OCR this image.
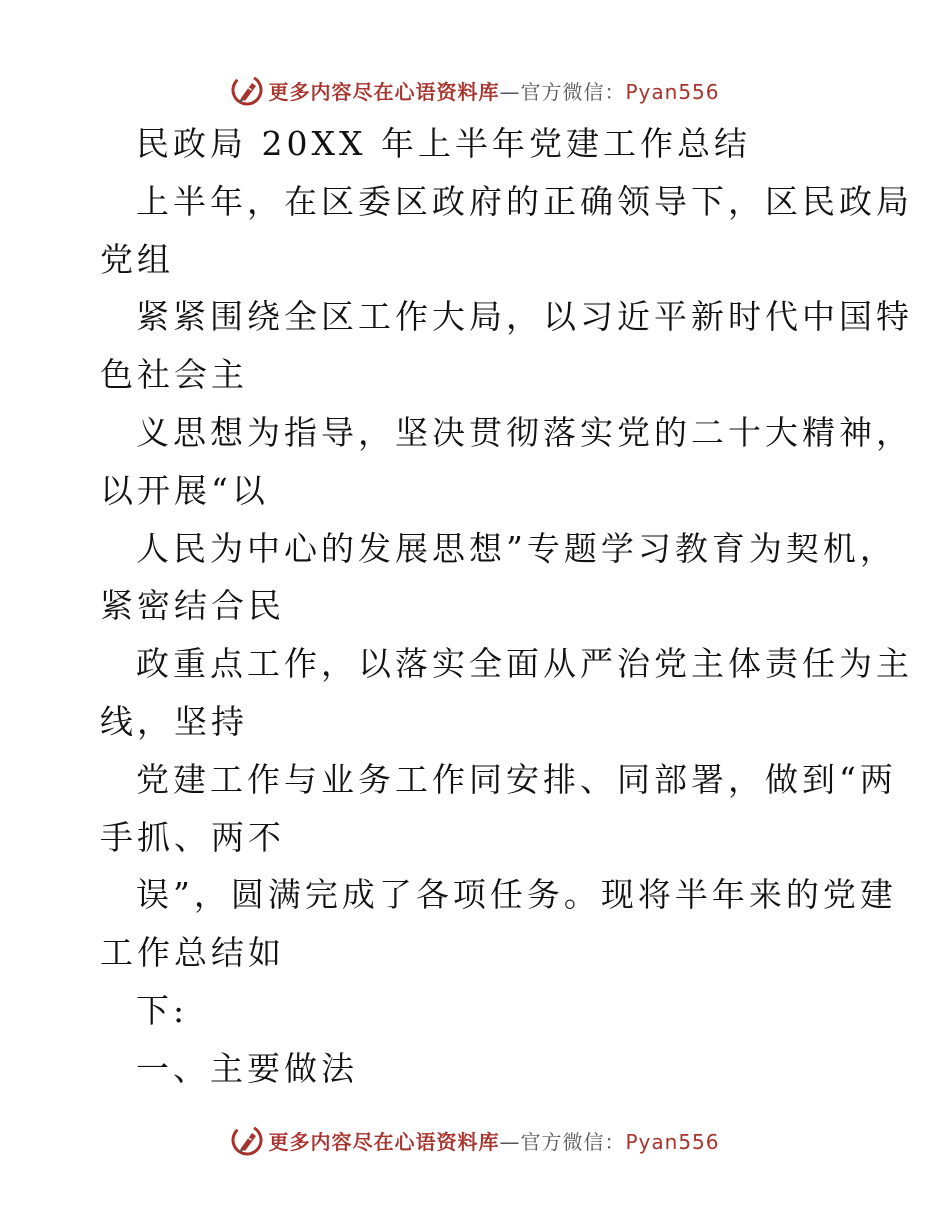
更多内容尽在心语资料库—官方微信：Pyan556
民政局 20XX 年上半年党建工作总结
上半年，在区委区政府的正确领导下，区民政局
党组
紧紧围绕全区工作大局，以习近平新时代中国特
色社会主
义思想为指导，坚决贯彻落实党的二十大精神，
以开展“以
人民为中心的发展思想”专题学习教育为契机，
紧密结合民
政重点工作，以落实全面从严治党主体责任为主
线，坚持
党建工作与业务工作同安排、同部署，做到“两
手抓、两不
误”，圆满完成了各项任务。现将半年来的党建
工作总结如
下:
一、主要做法
更多内容尽在心语资料库—官方微信：Pyan556
